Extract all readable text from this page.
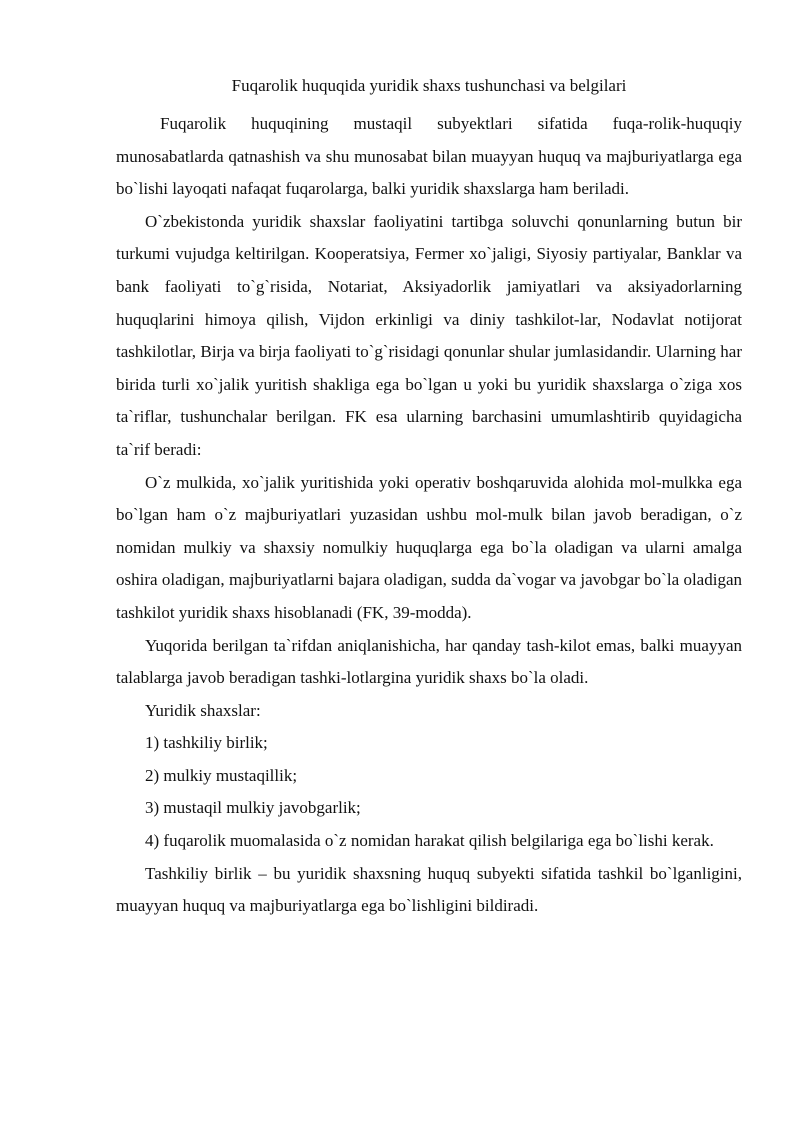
Fuqarolik huquqida yuridik shaxs tushunchasi va belgilari

Fuqarolik huquqining mustaqil subyektlari sifatida fuqa-rolik-huquqiy munosabatlarda qatnashish va shu munosabat bilan muayyan huquq va majburiyatlarga ega bo`lishi layoqati nafaqat fuqarolarga, balki yuridik shaxslarga ham beriladi.

O`zbekistonda yuridik shaxslar faoliyatini tartibga soluvchi qonunlarning butun bir turkumi vujudga keltirilgan. Kooperatsiya, Fermer xo`jaligi, Siyosiy partiyalar, Banklar va bank faoliyati to`g`risida, Notariat, Aksiyadorlik jamiyatlari va aksiyadorlarning huquqlarini himoya qilish, Vijdon erkinligi va diniy tashkilot-lar, Nodavlat notijorat tashkilotlar, Birja va birja faoliyati to`g`risidagi qonunlar shular jumlasidandir. Ularning har birida turli xo`jalik yuritish shakliga ega bo`lgan u yoki bu yuridik shaxslarga o`ziga xos ta`riflar, tushunchalar berilgan. FK esa ularning barchasini umumlashtirib quyidagicha ta`rif beradi:

O`z mulkida, xo`jalik yuritishida yoki operativ boshqaruvida alohida mol-mulkka ega bo`lgan ham o`z majburiyatlari yuzasidan ushbu mol-mulk bilan javob beradigan, o`z nomidan mulkiy va shaxsiy nomulkiy huquqlarga ega bo`la oladigan va ularni amalga oshira oladigan, majburiyatlarni bajara oladigan, sudda da`vogar va javobgar bo`la oladigan tashkilot yuridik shaxs hisoblanadi (FK, 39-modda).

Yuqorida berilgan ta`rifdan aniqlanishicha, har qanday tash-kilot emas, balki muayyan talablarga javob beradigan tashki-lotlargina yuridik shaxs bo`la oladi.

Yuridik shaxslar:

1) tashkiliy birlik;

2) mulkiy mustaqillik;

3) mustaqil mulkiy javobgarlik;

4) fuqarolik muomalasida o`z nomidan harakat qilish belgilariga ega bo`lishi kerak.

Tashkiliy birlik – bu yuridik shaxsning huquq subyekti sifatida tashkil bo`lganligini, muayyan huquq va majburiyatlarga ega bo`lishligini bildiradi.
